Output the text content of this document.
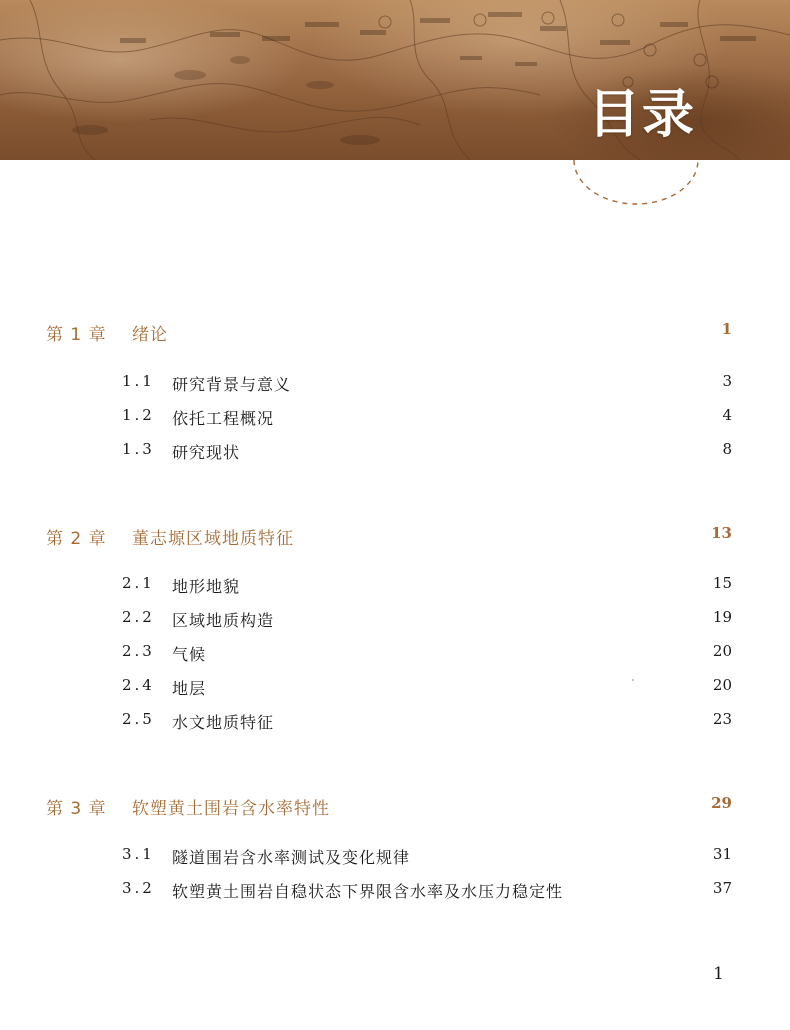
目录
第 1 章 绪论	1
1.1 研究背景与意义	3
1.2 依托工程概况	4
1.3 研究现状	8
第 2 章 董志塬区域地质特征	13
2.1 地形地貌	15
2.2 区域地质构造	19
2.3 气候	20
2.4 地层	20
2.5 水文地质特征	23
第 3 章 软塑黄土围岩含水率特性	29
3.1 隧道围岩含水率测试及变化规律	31
3.2 软塑黄土围岩自稳状态下界限含水率及水压力稳定性	37
1
